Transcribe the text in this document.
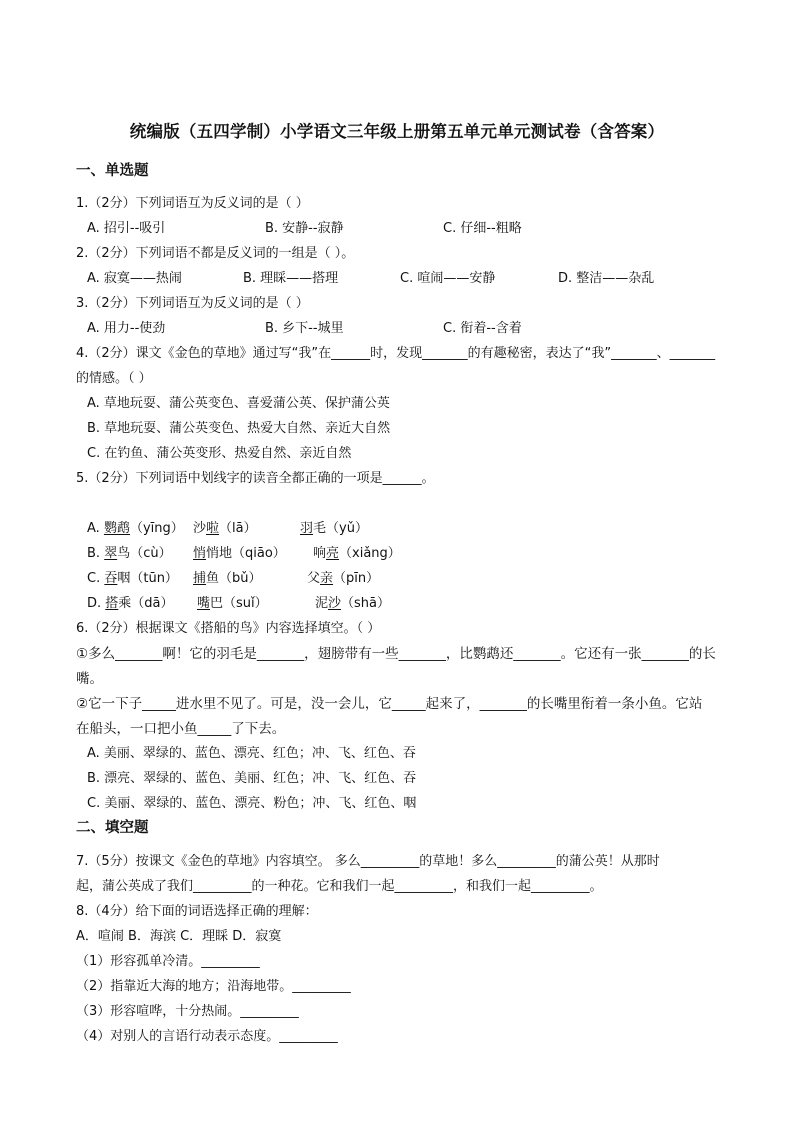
统编版（五四学制）小学语文三年级上册第五单元单元测试卷（含答案）
一、单选题
1.（2分）下列词语互为反义词的是（ ）
A. 招引--吸引	B. 安静--寂静	C. 仔细--粗略
2.（2分）下列词语不都是反义词的一组是（ ）。
A. 寂寞——热闹	B. 理睬——搭理	C. 喧闹——安静	D. 整洁——杂乱
3.（2分）下列词语互为反义词的是（ ）
A. 用力--使劲	B. 乡下--城里	C. 衔着--含着
4.（2分）课文《金色的草地》通过写“我”在______时，发现_______的有趣秘密，表达了“我”_______、_______
的情感。（ ）
A. 草地玩耍、蒲公英变色、喜爱蒲公英、保护蒲公英
B. 草地玩耍、蒲公英变色、热爱大自然、亲近大自然
C. 在钓鱼、蒲公英变形、热爱自然、亲近自然
5.（2分）下列词语中划线字的读音全都正确的一项是______。
A. 鹦鹉（yīng） 沙啦（lā）	羽毛（yǔ）
B. 翠鸟（cù） 悄悄地（qiāo） 响亮（xiǎng）
C. 吞咽（tūn） 捕鱼（bǔ）	父亲（pīn）
D. 搭乘（dā） 嘴巴（suǐ）	泥沙（shā）
6.（2分）根据课文《搭船的鸟》内容选择填空。（ ）
①多么_______啊！它的羽毛是_______，翅膀带有一些_______，比鹦鹉还_______。它还有一张_______的长
嘴。
②它一下子_____进水里不见了。可是，没一会儿，它_____起来了，_______的长嘴里衔着一条小鱼。它站
在船头，一口把小鱼_____了下去。
A. 美丽、翠绿的、蓝色、漂亮、红色；冲、飞、红色、吞
B. 漂亮、翠绿的、蓝色、美丽、红色；冲、飞、红色、吞
C. 美丽、翠绿的、蓝色、漂亮、粉色；冲、飞、红色、咽
二、填空题
7.（5分）按课文《金色的草地》内容填空。 多么_________的草地！多么_________的蒲公英！从那时
起，蒲公英成了我们_________的一种花。它和我们一起_________，和我们一起_________。
8.（4分）给下面的词语选择正确的理解：
A．喧闹 B．海滨 C．理睬 D．寂寞
（1）形容孤单冷清。_________
（2）指靠近大海的地方；沿海地带。_________
（3）形容喧哗，十分热闹。_________
（4）对别人的言语行动表示态度。_________
